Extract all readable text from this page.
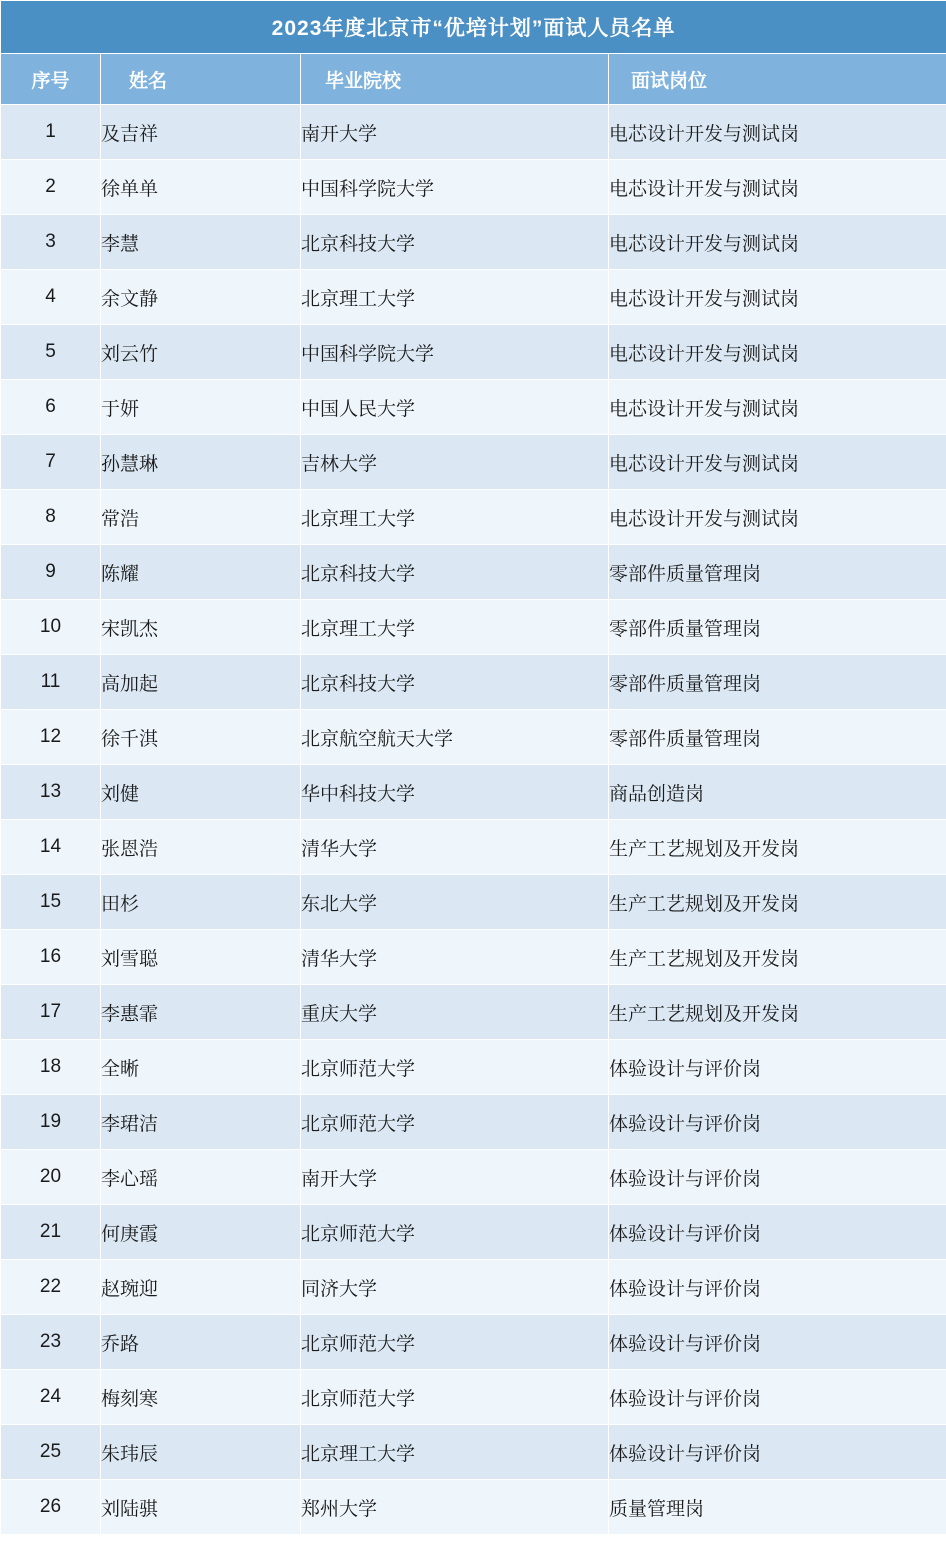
2023年度北京市“优培计划”面试人员名单			
序号	姓名	毕业院校	面试岗位
1	及吉祥	南开大学	电芯设计开发与测试岗
2	徐单单	中国科学院大学	电芯设计开发与测试岗
3	李慧	北京科技大学	电芯设计开发与测试岗
4	余文静	北京理工大学	电芯设计开发与测试岗
5	刘云竹	中国科学院大学	电芯设计开发与测试岗
6	于妍	中国人民大学	电芯设计开发与测试岗
7	孙慧琳	吉林大学	电芯设计开发与测试岗
8	常浩	北京理工大学	电芯设计开发与测试岗
9	陈耀	北京科技大学	零部件质量管理岗
10	宋凯杰	北京理工大学	零部件质量管理岗
11	高加起	北京科技大学	零部件质量管理岗
12	徐千淇	北京航空航天大学	零部件质量管理岗
13	刘健	华中科技大学	商品创造岗
14	张恩浩	清华大学	生产工艺规划及开发岗
15	田杉	东北大学	生产工艺规划及开发岗
16	刘雪聪	清华大学	生产工艺规划及开发岗
17	李惠霏	重庆大学	生产工艺规划及开发岗
18	全晰	北京师范大学	体验设计与评价岗
19	李珺洁	北京师范大学	体验设计与评价岗
20	李心瑶	南开大学	体验设计与评价岗
21	何庚霞	北京师范大学	体验设计与评价岗
22	赵琬迎	同济大学	体验设计与评价岗
23	乔路	北京师范大学	体验设计与评价岗
24	梅刻寒	北京师范大学	体验设计与评价岗
25	朱玮辰	北京理工大学	体验设计与评价岗
26	刘陆骐	郑州大学	质量管理岗
